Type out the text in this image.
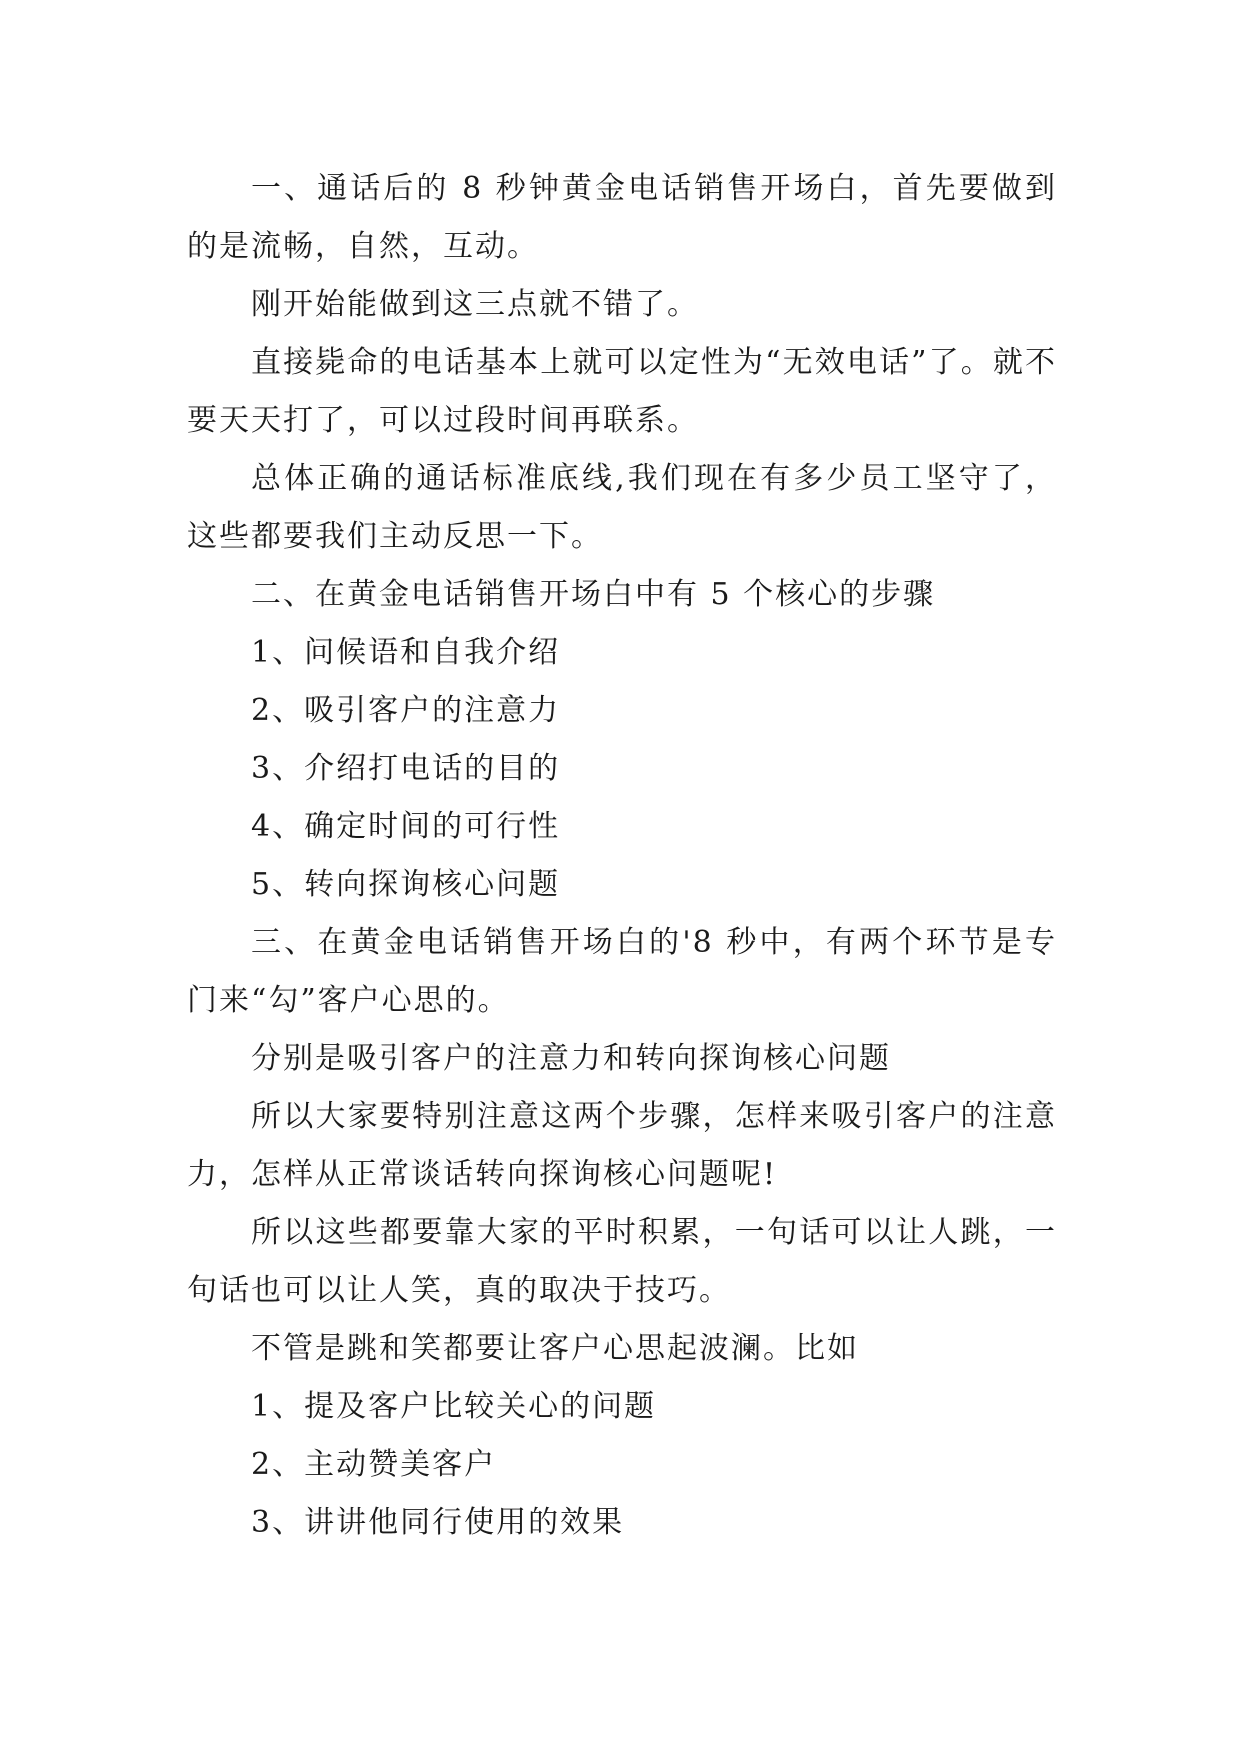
一、通话后的 8 秒钟黄金电话销售开场白，首先要做到的是流畅，自然，互动。

刚开始能做到这三点就不错了。

直接毙命的电话基本上就可以定性为“无效电话”了。就不要天天打了，可以过段时间再联系。

总体正确的通话标准底线,我们现在有多少员工坚守了，这些都要我们主动反思一下。

二、在黄金电话销售开场白中有 5 个核心的步骤

1、问候语和自我介绍

2、吸引客户的注意力

3、介绍打电话的目的

4、确定时间的可行性

5、转向探询核心问题

三、在黄金电话销售开场白的'8 秒中，有两个环节是专门来“勾”客户心思的。

分别是吸引客户的注意力和转向探询核心问题

所以大家要特别注意这两个步骤，怎样来吸引客户的注意力，怎样从正常谈话转向探询核心问题呢!

所以这些都要靠大家的平时积累，一句话可以让人跳，一句话也可以让人笑，真的取决于技巧。

不管是跳和笑都要让客户心思起波澜。比如

1、提及客户比较关心的问题

2、主动赞美客户

3、讲讲他同行使用的效果
